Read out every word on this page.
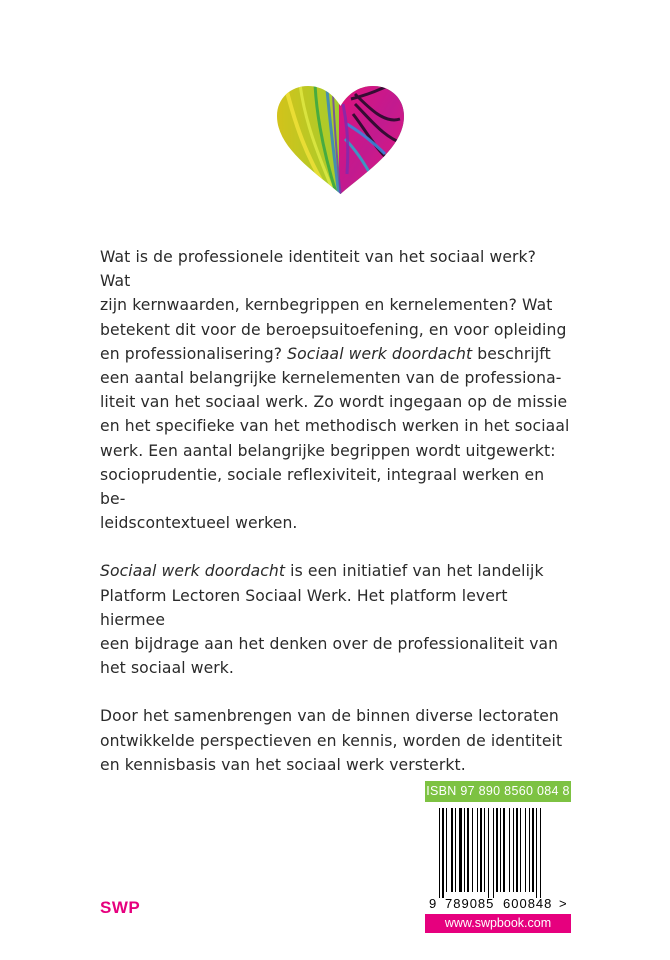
Wat is de professionele identiteit van het sociaal werk? Wat
zijn kernwaarden, kernbegrippen en kernelementen? Wat
betekent dit voor de beroepsuitoefening, en voor opleiding
en professionalisering? Sociaal werk doordacht beschrijft
een aantal belangrijke kernelementen van de professiona-
liteit van het sociaal werk. Zo wordt ingegaan op de missie
en het specifieke van het methodisch werken in het sociaal
werk. Een aantal belangrijke begrippen wordt uitgewerkt:
socioprudentie, sociale reflexiviteit, integraal werken en be-
leidscontextueel werken.

Sociaal werk doordacht is een initiatief van het landelijk
Platform Lectoren Sociaal Werk. Het platform levert hiermee
een bijdrage aan het denken over de professionaliteit van
het sociaal werk.

Door het samenbrengen van de binnen diverse lectoraten
ontwikkelde perspectieven en kennis, worden de identiteit
en kennisbasis van het sociaal werk versterkt.

ISBN 97 890 8560 084 8
9 789085 600848 >
www.swpbook.com
SWP
